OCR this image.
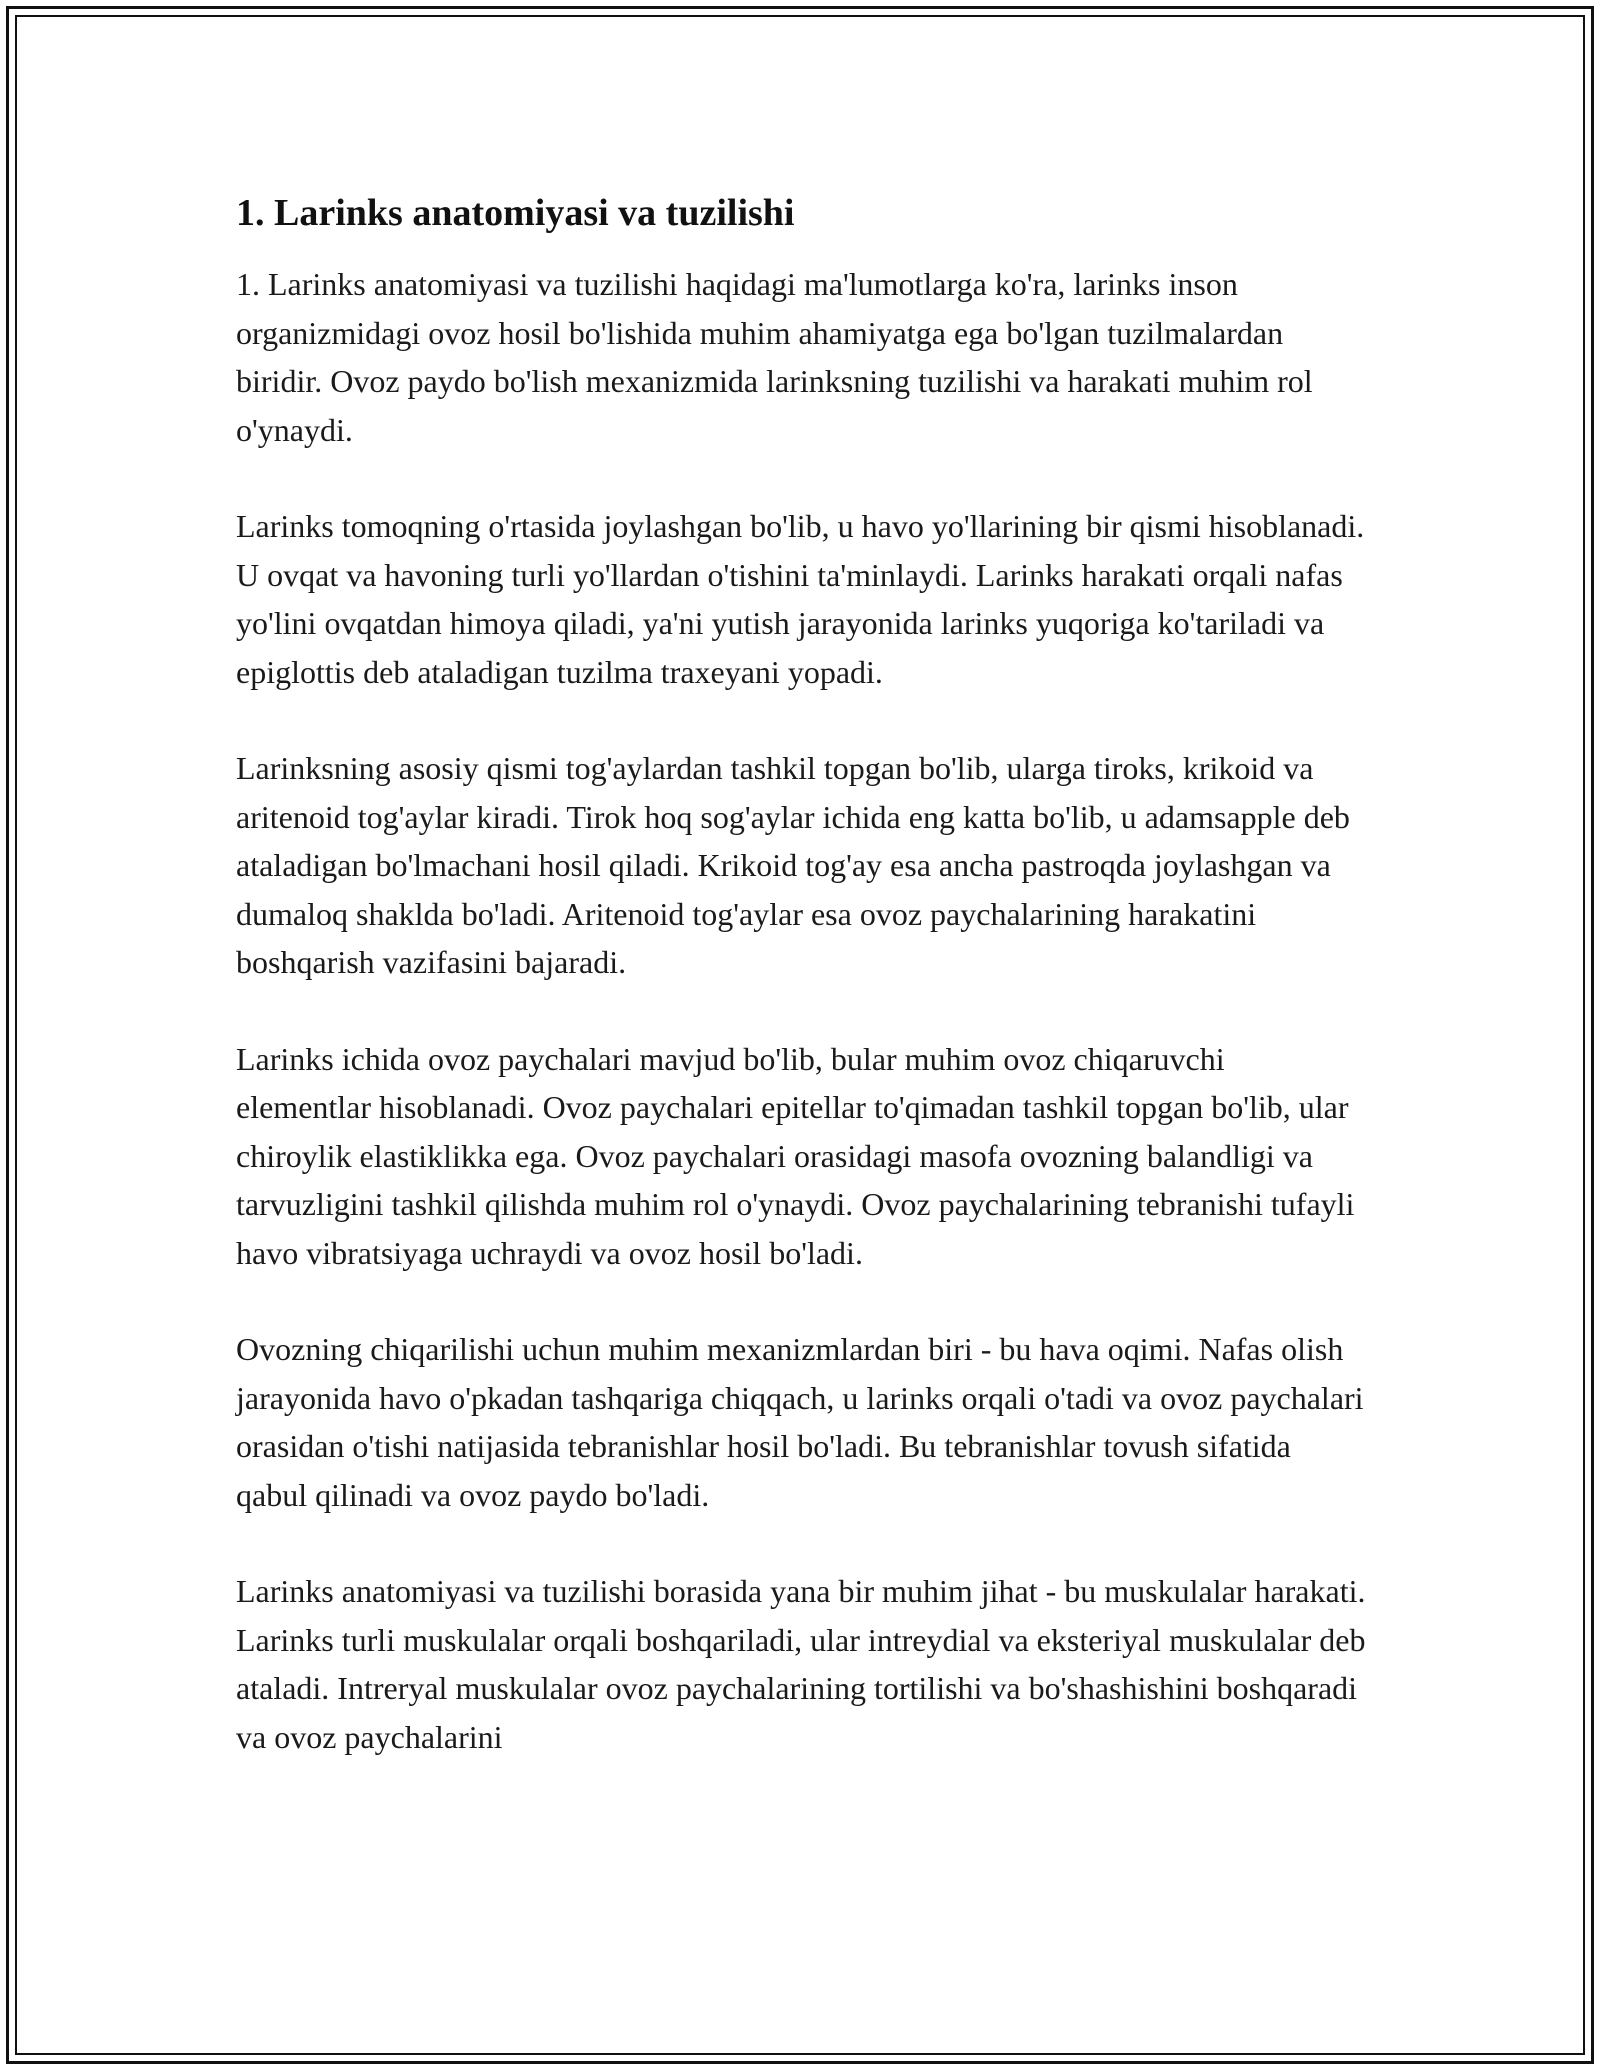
1. Larinks anatomiyasi va tuzilishi

1. Larinks anatomiyasi va tuzilishi haqidagi ma'lumotlarga ko'ra, larinks inson organizmidagi ovoz hosil bo'lishida muhim ahamiyatga ega bo'lgan tuzilmalardan biridir. Ovoz paydo bo'lish mexanizmida larinksning tuzilishi va harakati muhim rol o'ynaydi.

Larinks tomoqning o'rtasida joylashgan bo'lib, u havo yo'llarining bir qismi hisoblanadi. U ovqat va havoning turli yo'llardan o'tishini ta'minlaydi. Larinks harakati orqali nafas yo'lini ovqatdan himoya qiladi, ya'ni yutish jarayonida larinks yuqoriga ko'tariladi va epiglottis deb ataladigan tuzilma traxeyani yopadi.

Larinksning asosiy qismi tog'aylardan tashkil topgan bo'lib, ularga tiroks, krikoid va aritenoid tog'aylar kiradi. Tirok hoq sog'aylar ichida eng katta bo'lib, u adamsapple deb ataladigan bo'lmachani hosil qiladi. Krikoid tog'ay esa ancha pastroqda joylashgan va dumaloq shaklda bo'ladi. Aritenoid tog'aylar esa ovoz paychalarining harakatini boshqarish vazifasini bajaradi.

Larinks ichida ovoz paychalari mavjud bo'lib, bular muhim ovoz chiqaruvchi elementlar hisoblanadi. Ovoz paychalari epitellar to'qimadan tashkil topgan bo'lib, ular chiroylik elastiklikka ega. Ovoz paychalari orasidagi masofa ovozning balandligi va tarvuzligini tashkil qilishda muhim rol o'ynaydi. Ovoz paychalarining tebranishi tufayli havo vibratsiyaga uchraydi va ovoz hosil bo'ladi.

Ovozning chiqarilishi uchun muhim mexanizmlardan biri - bu hava oqimi. Nafas olish jarayonida havo o'pkadan tashqariga chiqqach, u larinks orqali o'tadi va ovoz paychalari orasidan o'tishi natijasida tebranishlar hosil bo'ladi. Bu tebranishlar tovush sifatida qabul qilinadi va ovoz paydo bo'ladi.

Larinks anatomiyasi va tuzilishi borasida yana bir muhim jihat - bu muskulalar harakati. Larinks turli muskulalar orqali boshqariladi, ular intreydial va eksteriyal muskulalar deb ataladi. Intreryal muskulalar ovoz paychalarining tortilishi va bo'shashishini boshqaradi va ovoz paychalarini
